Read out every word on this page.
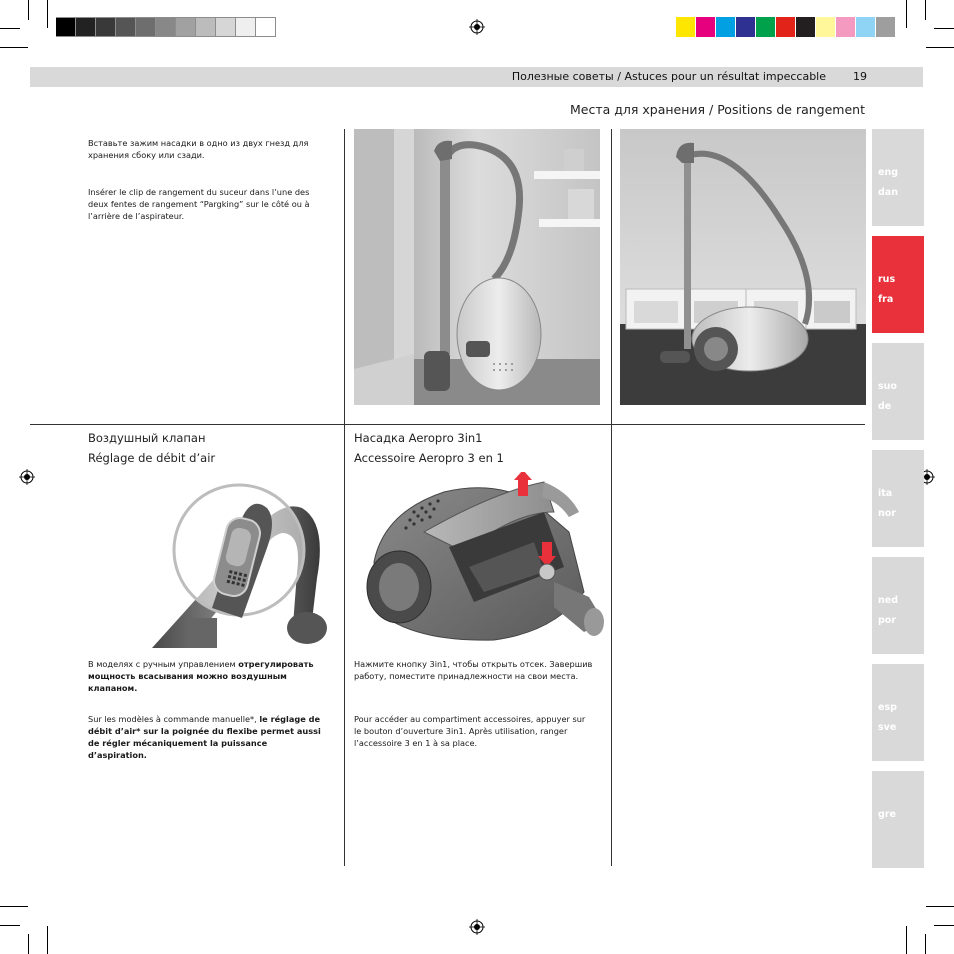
Полезные советы / Astuces pour un résultat impeccable 19
Места для хранения / Positions de rangement
eng
dan
rus
fra
suo
de
ita
nor
ned
por
esp
sve
gre
Вставьте зажим насадки в одно из двух гнезд для хранения сбоку или сзади.
Insérer le clip de rangement du suceur dans l’une des deux fentes de rangement “Pargking” sur le côté ou à l’arrière de l’aspirateur.
Воздушный клапан
Réglage de débit d’air
В моделях с ручным управлением отрегулировать мощность всасывания можно воздушным клапаном.
Sur les modèles à commande manuelle*, le réglage de débit d’air* sur la poignée du flexibe permet aussi de régler mécaniquement la puissance d’aspiration.
Насадка Aeropro 3in1
Accessoire Aeropro 3 en 1
Нажмите кнопку 3in1, чтобы открыть отсек. Завершив работу, поместите принадлежности на свои места.
Pour accéder au compartiment accessoires, appuyer sur le bouton d’ouverture 3in1. Après utilisation, ranger l’accessoire 3 en 1 à sa place.
